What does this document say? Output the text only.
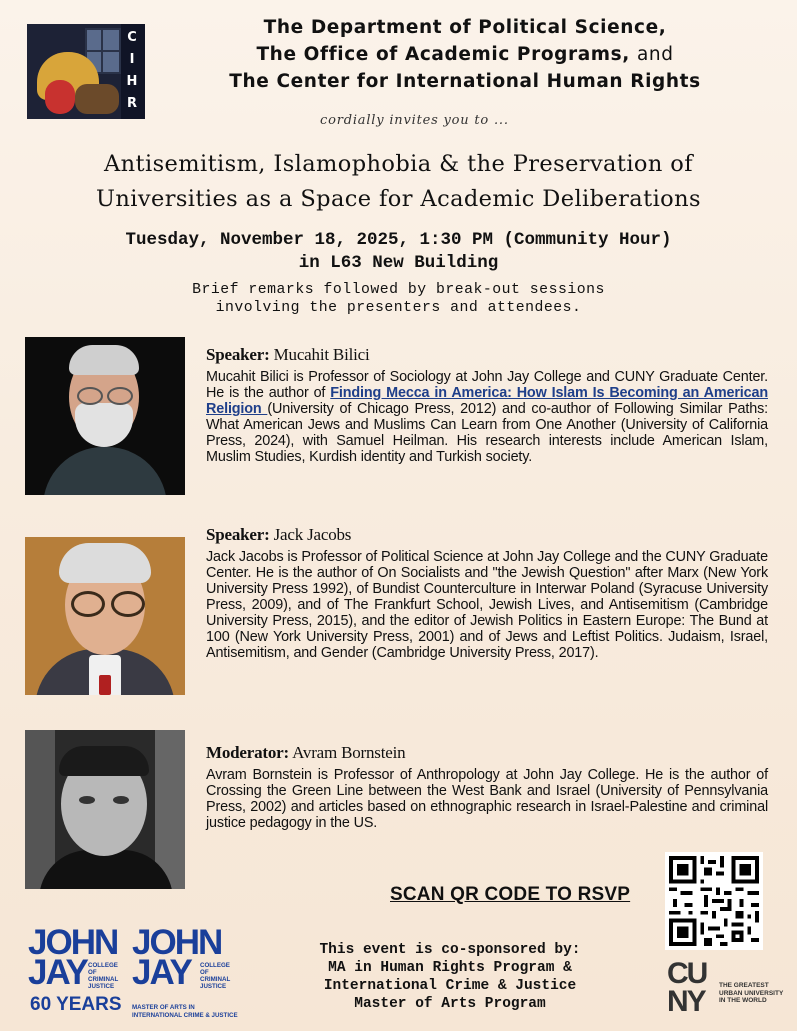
C
I
H
R
The Department of Political Science,
The Office of Academic Programs, and
The Center for International Human Rights
cordially invites you to ...
Antisemitism, Islamophobia & the Preservation of
Universities as a Space for Academic Deliberations
Tuesday, November 18, 2025, 1:30 PM (Community Hour)
in L63 New Building
Brief remarks followed by break-out sessions
involving the presenters and attendees.

Speaker: Mucahit Bilici

Mucahit Bilici is Professor of Sociology at John Jay College and CUNY Graduate Center. He is the author of Finding Mecca in America: How Islam Is Becoming an American Religion (University of Chicago Press, 2012) and co-author of Following Similar Paths: What American Jews and Muslims Can Learn from One Another (University of California Press, 2024), with Samuel Heilman. His research interests include American Islam, Muslim Studies, Kurdish identity and Turkish society.

Speaker: Jack Jacobs

Jack Jacobs is Professor of Political Science at John Jay College and the CUNY Graduate Center. He is the author of On Socialists and "the Jewish Question" after Marx (New York University Press 1992), of Bundist Counterculture in Interwar Poland (Syracuse University Press, 2009), and of The Frankfurt School, Jewish Lives, and Antisemitism (Cambridge University Press, 2015), and the editor of Jewish Politics in Eastern Europe: The Bund at 100 (New York University Press, 2001) and of Jews and Leftist Politics. Judaism, Israel, Antisemitism, and Gender (Cambridge University Press, 2017).

Moderator: Avram Bornstein

Avram Bornstein is Professor of Anthropology at John Jay College. He is the author of Crossing the Green Line between the West Bank and Israel (University of Pennsylvania Press, 2002) and articles based on ethnographic research in Israel-Palestine and criminal justice pedagogy in the US.

SCAN QR CODE TO RSVP
JOHN
JAY COLLEGE OF CRIMINAL JUSTICE
60 YEARS
JOHN
JAY	COLLEGE OF CRIMINAL JUSTICE
MASTER OF ARTS IN
INTERNATIONAL CRIME & JUSTICE
This event is co-sponsored by:
MA in Human Rights Program &
International Crime & Justice
Master of Arts Program
CUNY	THE GREATEST URBAN UNIVERSITY IN THE WORLD
